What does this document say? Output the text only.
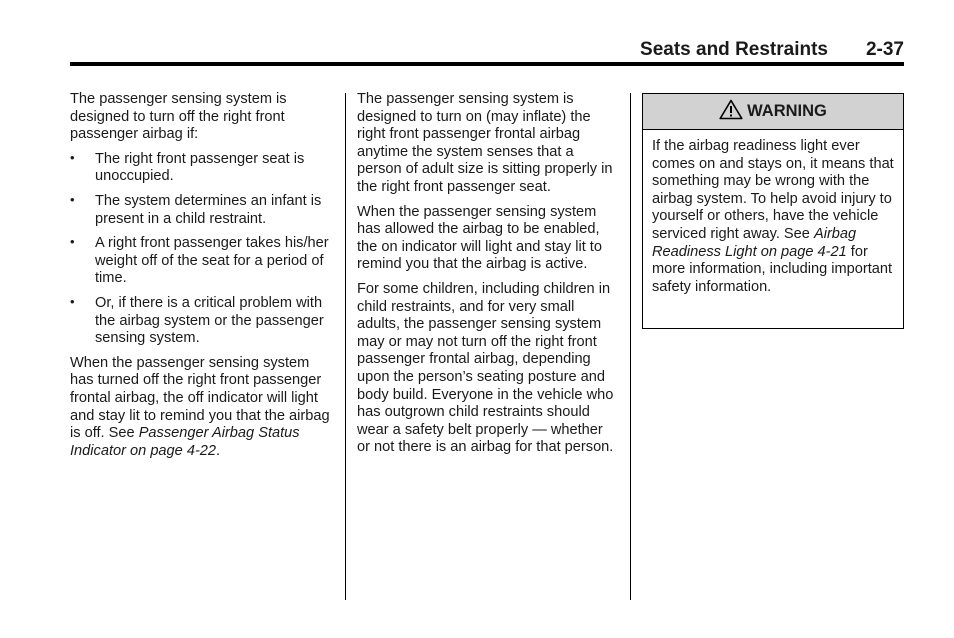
Seats and Restraints 2-37

The passenger sensing system is designed to turn off the right front passenger airbag if:

• The right front passenger seat is unoccupied.
• The system determines an infant is present in a child restraint.
• A right front passenger takes his/her weight off of the seat for a period of time.
• Or, if there is a critical problem with the airbag system or the passenger sensing system.

When the passenger sensing system has turned off the right front passenger frontal airbag, the off indicator will light and stay lit to remind you that the airbag is off. See Passenger Airbag Status Indicator on page 4‑22.

The passenger sensing system is designed to turn on (may inflate) the right front passenger frontal airbag anytime the system senses that a person of adult size is sitting properly in the right front passenger seat.

When the passenger sensing system has allowed the airbag to be enabled, the on indicator will light and stay lit to remind you that the airbag is active.

For some children, including children in child restraints, and for very small adults, the passenger sensing system may or may not turn off the right front passenger frontal airbag, depending upon the person’s seating posture and body build. Everyone in the vehicle who has outgrown child restraints should wear a safety belt properly — whether or not there is an airbag for that person.

WARNING
If the airbag readiness light ever comes on and stays on, it means that something may be wrong with the airbag system. To help avoid injury to yourself or others, have the vehicle serviced right away. See Airbag Readiness Light on page 4‑21 for more information, including important safety information.
